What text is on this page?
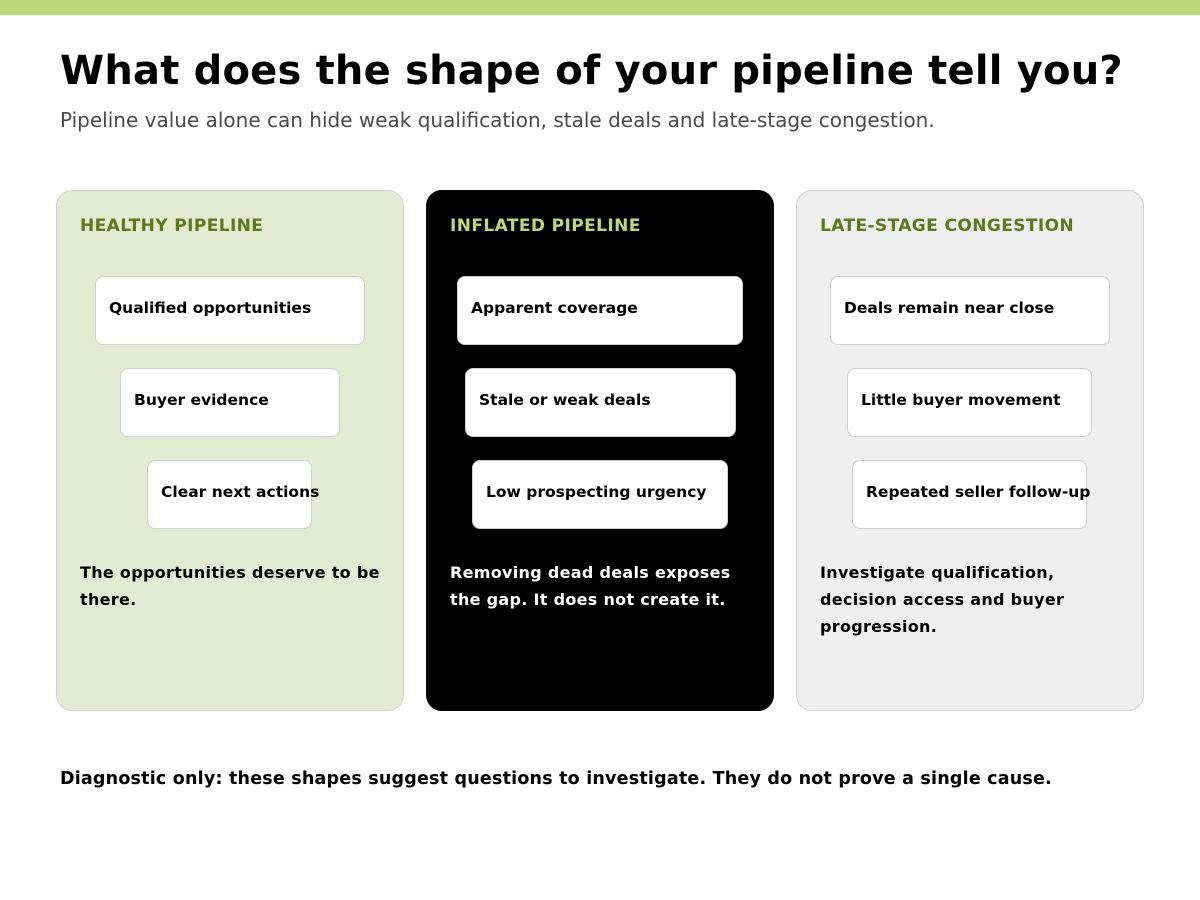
What does the shape of your pipeline tell you?

Pipeline value alone can hide weak qualification, stale deals and late-stage congestion.

HEALTHY PIPELINE
Qualified opportunities
Buyer evidence
Clear next actions
The opportunities deserve to be there.
INFLATED PIPELINE
Apparent coverage
Stale or weak deals
Low prospecting urgency
Removing dead deals exposes the gap. It does not create it.
LATE-STAGE CONGESTION
Deals remain near close
Little buyer movement
Repeated seller follow-up
Investigate qualification, decision access and buyer progression.

Diagnostic only: these shapes suggest questions to investigate. They do not prove a single cause.
